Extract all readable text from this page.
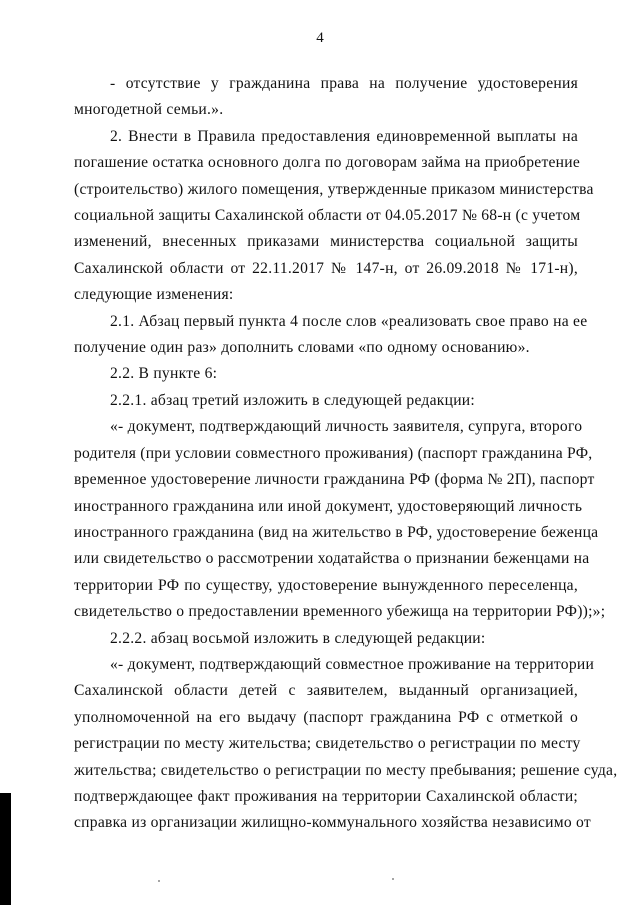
4
- отсутствие у гражданина права на получение удостоверения
многодетной семьи.».
2. Внести в Правила предоставления единовременной выплаты на
погашение остатка основного долга по договорам займа на приобретение
(строительство) жилого помещения, утвержденные приказом министерства
социальной защиты Сахалинской области от 04.05.2017 № 68-н (с учетом
изменений, внесенных приказами министерства социальной защиты
Сахалинской области от 22.11.2017 № 147-н, от 26.09.2018 № 171-н),
следующие изменения:
2.1. Абзац первый пункта 4 после слов «реализовать свое право на ее
получение один раз» дополнить словами «по одному основанию».
2.2. В пункте 6:
2.2.1. абзац третий изложить в следующей редакции:
«- документ, подтверждающий личность заявителя, супруга, второго
родителя (при условии совместного проживания) (паспорт гражданина РФ,
временное удостоверение личности гражданина РФ (форма № 2П), паспорт
иностранного гражданина или иной документ, удостоверяющий личность
иностранного гражданина (вид на жительство в РФ, удостоверение беженца
или свидетельство о рассмотрении ходатайства о признании беженцами на
территории РФ по существу, удостоверение вынужденного переселенца,
свидетельство о предоставлении временного убежища на территории РФ));»;
2.2.2. абзац восьмой изложить в следующей редакции:
«- документ, подтверждающий совместное проживание на территории
Сахалинской области детей с заявителем, выданный организацией,
уполномоченной на его выдачу (паспорт гражданина РФ с отметкой о
регистрации по месту жительства; свидетельство о регистрации по месту
жительства; свидетельство о регистрации по месту пребывания; решение суда,
подтверждающее факт проживания на территории Сахалинской области;
справка из организации жилищно-коммунального хозяйства независимо от
